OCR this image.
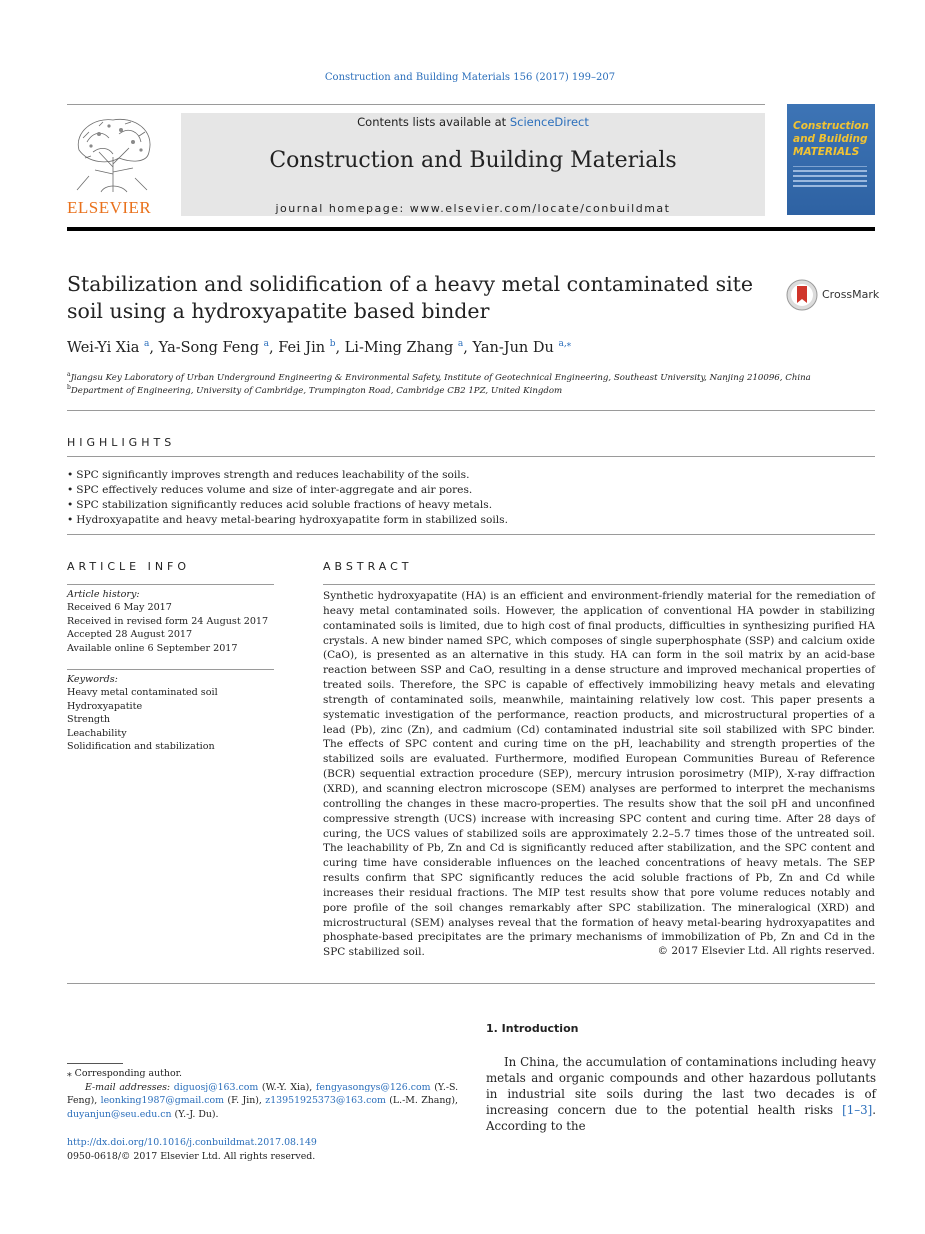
Construction and Building Materials 156 (2017) 199–207
ELSEVIER
Contents lists available at ScienceDirect
Construction and Building Materials
journal homepage: www.elsevier.com/locate/conbuildmat
Construction and Building MATERIALS
Stabilization and solidification of a heavy metal contaminated site soil using a hydroxyapatite based binder
CrossMark
Wei-Yi Xia $^a$, Ya-Song Feng $^a$, Fei Jin $^b$, Li-Ming Zhang $^a$, Yan-Jun Du $^{a,⁎}$
$^a$Jiangsu Key Laboratory of Urban Underground Engineering & Environmental Safety, Institute of Geotechnical Engineering, Southeast University, Nanjing 210096, China
$^b$Department of Engineering, University of Cambridge, Trumpington Road, Cambridge CB2 1PZ, United Kingdom
HIGHLIGHTS
• SPC significantly improves strength and reduces leachability of the soils.
• SPC effectively reduces volume and size of inter-aggregate and air pores.
• SPC stabilization significantly reduces acid soluble fractions of heavy metals.
• Hydroxyapatite and heavy metal-bearing hydroxyapatite form in stabilized soils.
ARTICLE INFO
Article history:
Received 6 May 2017
Received in revised form 24 August 2017
Accepted 28 August 2017
Available online 6 September 2017
Keywords:
Heavy metal contaminated soil
Hydroxyapatite
Strength
Leachability
Solidification and stabilization
ABSTRACT
Synthetic hydroxyapatite (HA) is an efficient and environment-friendly material for the remediation of heavy metal contaminated soils. However, the application of conventional HA powder in stabilizing contaminated soils is limited, due to high cost of final products, difficulties in synthesizing purified HA crystals. A new binder named SPC, which composes of single superphosphate (SSP) and calcium oxide (CaO), is presented as an alternative in this study. HA can form in the soil matrix by an acid-base reaction between SSP and CaO, resulting in a dense structure and improved mechanical properties of treated soils. Therefore, the SPC is capable of effectively immobilizing heavy metals and elevating strength of contaminated soils, meanwhile, maintaining relatively low cost. This paper presents a systematic investigation of the performance, reaction products, and microstructural properties of a lead (Pb), zinc (Zn), and cadmium (Cd) contaminated industrial site soil stabilized with SPC binder. The effects of SPC content and curing time on the pH, leachability and strength properties of the stabilized soils are evaluated. Furthermore, modified European Communities Bureau of Reference (BCR) sequential extraction procedure (SEP), mercury intrusion porosimetry (MIP), X-ray diffraction (XRD), and scanning electron microscope (SEM) analyses are performed to interpret the mechanisms controlling the changes in these macro-properties. The results show that the soil pH and unconfined compressive strength (UCS) increase with increasing SPC content and curing time. After 28 days of curing, the UCS values of stabilized soils are approximately 2.2–5.7 times those of the untreated soil. The leachability of Pb, Zn and Cd is significantly reduced after stabilization, and the SPC content and curing time have considerable influences on the leached concentrations of heavy metals. The SEP results confirm that SPC significantly reduces the acid soluble fractions of Pb, Zn and Cd while increases their residual fractions. The MIP test results show that pore volume reduces notably and pore profile of the soil changes remarkably after SPC stabilization. The mineralogical (XRD) and microstructural (SEM) analyses reveal that the formation of heavy metal-bearing hydroxyapatites and phosphate-based precipitates are the primary mechanisms of immobilization of Pb, Zn and Cd in the SPC stabilized soil.	© 2017 Elsevier Ltd. All rights reserved.
1. Introduction
In China, the accumulation of contaminations including heavy metals and organic compounds and other hazardous pollutants in industrial site soils during the last two decades is of increasing concern due to the potential health risks [1–3]. According to the
⁎ Corresponding author.
E-mail addresses: diguosj@163.com (W.-Y. Xia), fengyasongys@126.com (Y.-S. Feng), leonking1987@gmail.com (F. Jin), z13951925373@163.com (L.-M. Zhang), duyanjun@seu.edu.cn (Y.-J. Du).
http://dx.doi.org/10.1016/j.conbuildmat.2017.08.149
0950-0618/© 2017 Elsevier Ltd. All rights reserved.
